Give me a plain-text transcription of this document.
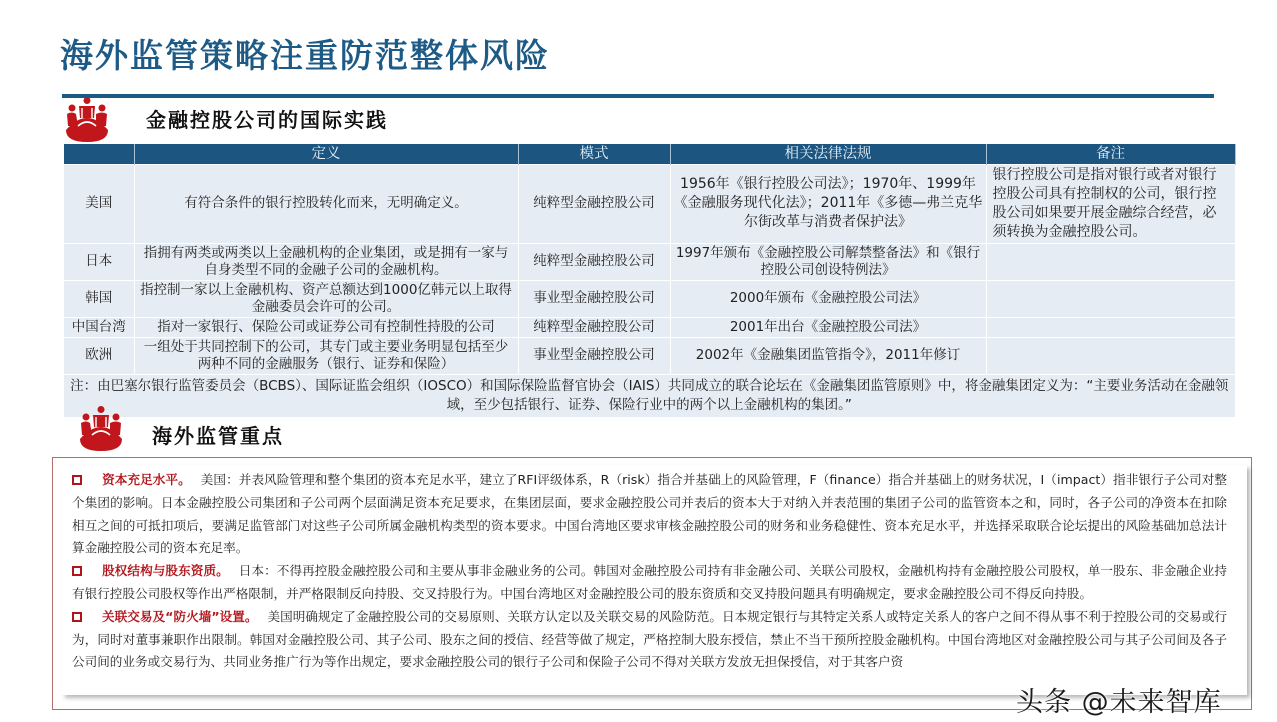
海外监管策略注重防范整体风险
金融控股公司的国际实践
	定义	模式	相关法律法规	备注
美国	有符合条件的银行控股转化而来，无明确定义。	纯粹型金融控股公司	1956年《银行控股公司法》；1970年、1999年《金融服务现代化法》；2011年《多德—弗兰克华尔街改革与消费者保护法》	银行控股公司是指对银行或者对银行控股公司具有控制权的公司，银行控股公司如果要开展金融综合经营，必须转换为金融控股公司。
日本	指拥有两类或两类以上金融机构的企业集团，或是拥有一家与自身类型不同的金融子公司的金融机构。	纯粹型金融控股公司	1997年颁布《金融控股公司解禁整备法》和《银行控股公司创设特例法》	
韩国	指控制一家以上金融机构、资产总额达到1000亿韩元以上取得金融委员会许可的公司。	事业型金融控股公司	2000年颁布《金融控股公司法》	
中国台湾	指对一家银行、保险公司或证券公司有控制性持股的公司	纯粹型金融控股公司	2001年出台《金融控股公司法》	
欧洲	一组处于共同控制下的公司，其专门或主要业务明显包括至少两种不同的金融服务（银行、证券和保险）	事业型金融控股公司	2002年《金融集团监管指令》，2011年修订	
注：由巴塞尔银行监管委员会（BCBS）、国际证监会组织（IOSCO）和国际保险监督官协会（IAIS）共同成立的联合论坛在《金融集团监管原则》中，将金融集团定义为：“主要业务活动在金融领域，至少包括银行、证券、保险行业中的两个以上金融机构的集团。”				
海外监管重点

资本充足水平。 美国：并表风险管理和整个集团的资本充足水平，建立了RFI评级体系，R（risk）指合并基础上的风险管理，F（finance）指合并基础上的财务状况，I（impact）指非银行子公司对整个集团的影响。日本金融控股公司集团和子公司两个层面满足资本充足要求，在集团层面，要求金融控股公司并表后的资本大于对纳入并表范围的集团子公司的监管资本之和，同时，各子公司的净资本在扣除相互之间的可抵扣项后，要满足监管部门对这些子公司所属金融机构类型的资本要求。中国台湾地区要求审核金融控股公司的财务和业务稳健性、资本充足水平，并选择采取联合论坛提出的风险基础加总法计算金融控股公司的资本充足率。

股权结构与股东资质。 日本：不得再控股金融控股公司和主要从事非金融业务的公司。韩国对金融控股公司持有非金融公司、关联公司股权，金融机构持有金融控股公司股权，单一股东、非金融企业持有银行控股公司股权等作出严格限制，并严格限制反向持股、交叉持股行为。中国台湾地区对金融控股公司的股东资质和交叉持股问题具有明确规定，要求金融控股公司不得反向持股。

关联交易及“防火墙”设置。 美国明确规定了金融控股公司的交易原则、关联方认定以及关联交易的风险防范。日本规定银行与其特定关系人或特定关系人的客户之间不得从事不利于控股公司的交易或行为，同时对董事兼职作出限制。韩国对金融控股公司、其子公司、股东之间的授信、经营等做了规定，严格控制大股东授信，禁止不当干预所控股金融机构。中国台湾地区对金融控股公司与其子公司间及各子公司间的业务或交易行为、共同业务推广行为等作出规定，要求金融控股公司的银行子公司和保险子公司不得对关联方发放无担保授信，对于其客户资

头条 @未来智库
